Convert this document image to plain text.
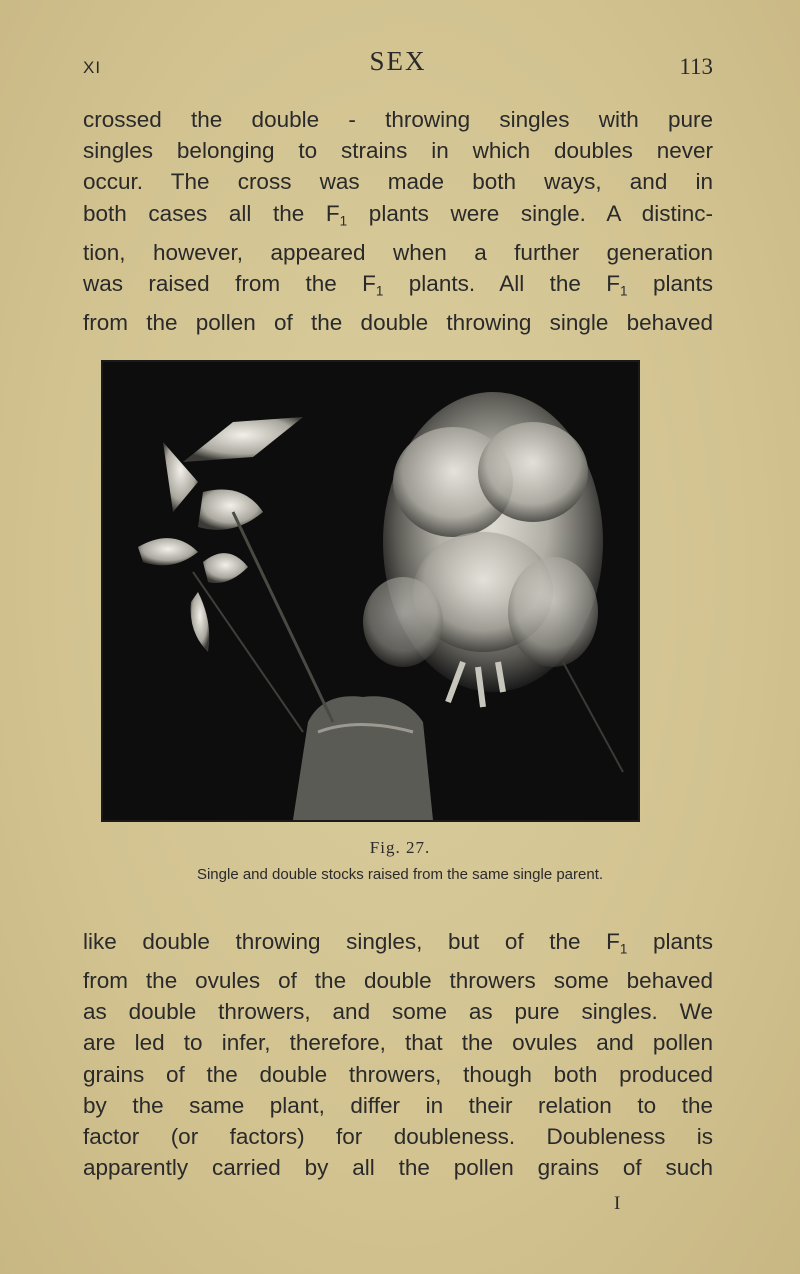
XI	SEX	113
crossed the double - throwing singles with pure
singles belonging to strains in which doubles never
occur. The cross was made both ways, and in
both cases all the $F_1$ plants were single. A distinc-
tion, however, appeared when a further generation
was raised from the $F_1$ plants. All the $F_1$ plants
from the pollen of the double throwing single behaved
Fig. 27.
Single and double stocks raised from the same single parent.
like double throwing singles, but of the $F_1$ plants
from the ovules of the double throwers some behaved
as double throwers, and some as pure singles. We
are led to infer, therefore, that the ovules and pollen
grains of the double throwers, though both produced
by the same plant, differ in their relation to the
factor (or factors) for doubleness. Doubleness is
apparently carried by all the pollen grains of such
I
